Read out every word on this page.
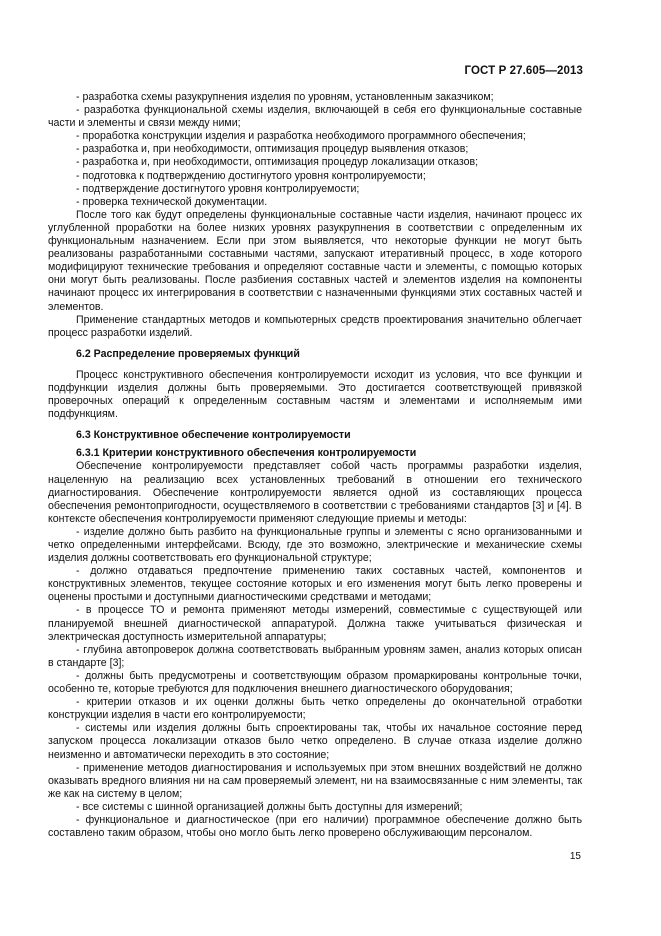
ГОСТ Р 27.605—2013

- разработка схемы разукрупнения изделия по уровням, установленным заказчиком;

- разработка функциональной схемы изделия, включающей в себя его функциональные составные части и элементы и связи между ними;

- проработка конструкции изделия и разработка необходимого программного обеспечения;

- разработка и, при необходимости, оптимизация процедур выявления отказов;

- разработка и, при необходимости, оптимизация процедур локализации отказов;

- подготовка к подтверждению достигнутого уровня контролируемости;

- подтверждение достигнутого уровня контролируемости;

- проверка технической документации.

После того как будут определены функциональные составные части изделия, начинают процесс их углубленной проработки на более низких уровнях разукрупнения в соответствии с определенным их функциональным назначением. Если при этом выявляется, что некоторые функции не могут быть реализованы разработанными составными частями, запускают итеративный процесс, в ходе которого модифицируют технические требования и определяют составные части и элементы, с помощью которых они могут быть реализованы. После разбиения составных частей и элементов изделия на компоненты начинают процесс их интегрирования в соответствии с назначенными функциями этих составных частей и элементов.

Применение стандартных методов и компьютерных средств проектирования значительно облегчает процесс разработки изделий.

6.2 Распределение проверяемых функций

Процесс конструктивного обеспечения контролируемости исходит из условия, что все функции и подфункции изделия должны быть проверяемыми. Это достигается соответствующей привязкой проверочных операций к определенным составным частям и элементами и исполняемым ими подфункциям.

6.3 Конструктивное обеспечение контролируемости
6.3.1 Критерии конструктивного обеспечения контролируемости

Обеспечение контролируемости представляет собой часть программы разработки изделия, нацеленную на реализацию всех установленных требований в отношении его технического диагностирования. Обеспечение контролируемости является одной из составляющих процесса обеспечения ремонтопригодности, осуществляемого в соответствии с требованиями стандартов [3] и [4]. В контексте обеспечения контролируемости применяют следующие приемы и методы:

- изделие должно быть разбито на функциональные группы и элементы с ясно организованными и четко определенными интерфейсами. Всюду, где это возможно, электрические и механические схемы изделия должны соответствовать его функциональной структуре;

- должно отдаваться предпочтение применению таких составных частей, компонентов и конструктивных элементов, текущее состояние которых и его изменения могут быть легко проверены и оценены простыми и доступными диагностическими средствами и методами;

- в процессе ТО и ремонта применяют методы измерений, совместимые с существующей или планируемой внешней диагностической аппаратурой. Должна также учитываться физическая и электрическая доступность измерительной аппаратуры;

- глубина автопроверок должна соответствовать выбранным уровням замен, анализ которых описан в стандарте [3];

- должны быть предусмотрены и соответствующим образом промаркированы контрольные точки, особенно те, которые требуются для подключения внешнего диагностического оборудования;

- критерии отказов и их оценки должны быть четко определены до окончательной отработки конструкции изделия в части его контролируемости;

- системы или изделия должны быть спроектированы так, чтобы их начальное состояние перед запуском процесса локализации отказов было четко определено. В случае отказа изделие должно неизменно и автоматически переходить в это состояние;

- применение методов диагностирования и используемых при этом внешних воздействий не должно оказывать вредного влияния ни на сам проверяемый элемент, ни на взаимосвязанные с ним элементы, так же как на систему в целом;

- все системы с шинной организацией должны быть доступны для измерений;

- функциональное и диагностическое (при его наличии) программное обеспечение должно быть составлено таким образом, чтобы оно могло быть легко проверено обслуживающим персоналом.

15
